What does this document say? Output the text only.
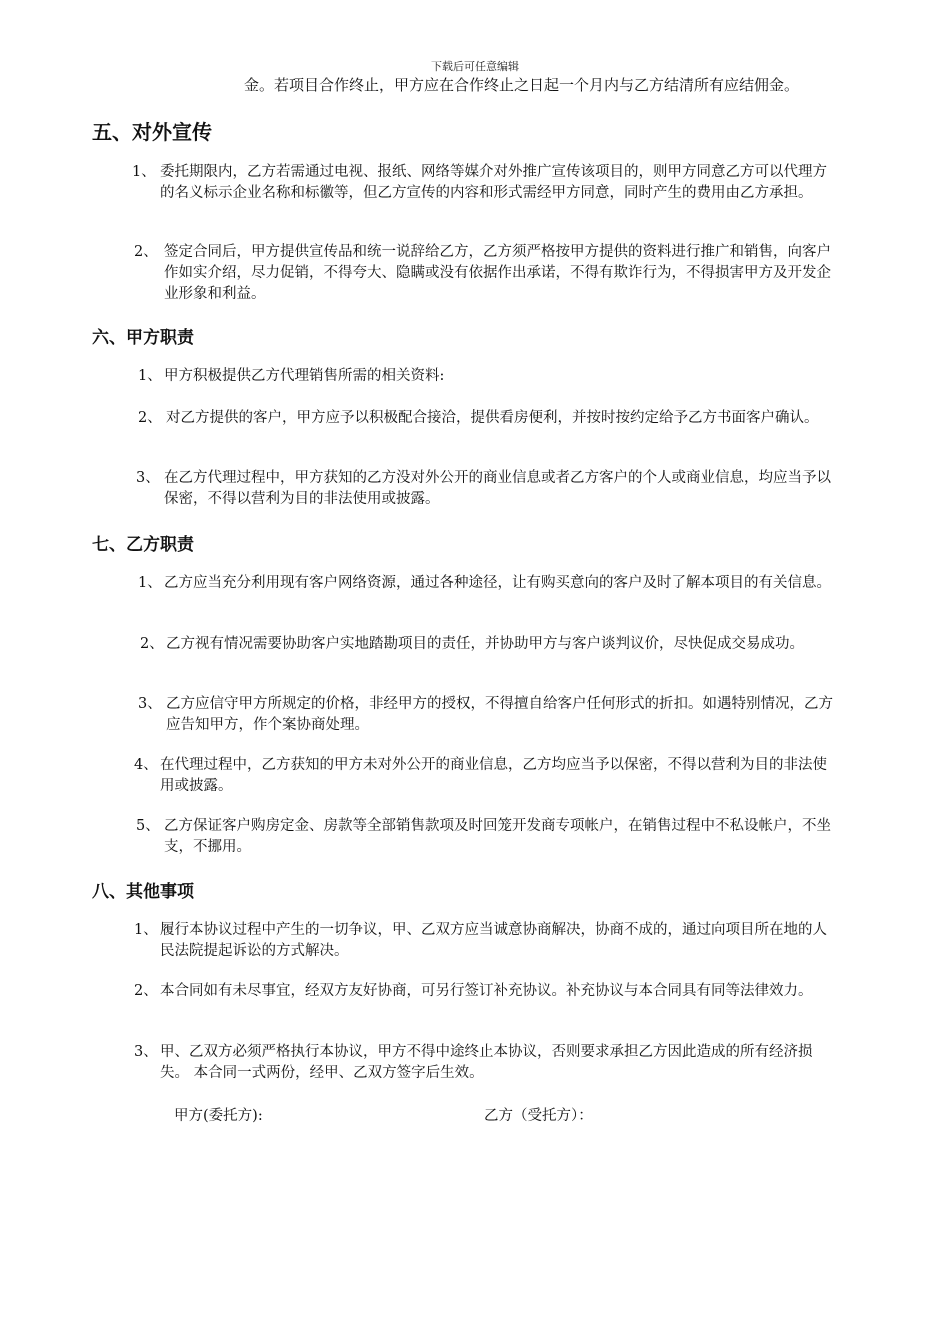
下载后可任意编辑
金。若项目合作终止，甲方应在合作终止之日起一个月内与乙方结清所有应结佣金。
五、对外宣传
1、 委托期限内，乙方若需通过电视、报纸、网络等媒介对外推广宣传该项目的，则甲方同意乙方可以代理方的名义标示企业名称和标徽等，但乙方宣传的内容和形式需经甲方同意，同时产生的费用由乙方承担。
2、 签定合同后，甲方提供宣传品和统一说辞给乙方，乙方须严格按甲方提供的资料进行推广和销售，向客户作如实介绍，尽力促销，不得夸大、隐瞒或没有依据作出承诺，不得有欺诈行为，不得损害甲方及开发企业形象和利益。
六、甲方职责
1、 甲方积极提供乙方代理销售所需的相关资料:
2、 对乙方提供的客户，甲方应予以积极配合接洽，提供看房便利，并按时按约定给予乙方书面客户确认。
3、 在乙方代理过程中，甲方获知的乙方没对外公开的商业信息或者乙方客户的个人或商业信息，均应当予以保密，不得以营利为目的非法使用或披露。
七、乙方职责
1、 乙方应当充分利用现有客户网络资源，通过各种途径，让有购买意向的客户及时了解本项目的有关信息。
2、 乙方视有情况需要协助客户实地踏勘项目的责任，并协助甲方与客户谈判议价，尽快促成交易成功。
3、 乙方应信守甲方所规定的价格，非经甲方的授权，不得擅自给客户任何形式的折扣。如遇特别情况，乙方应告知甲方，作个案协商处理。
4、 在代理过程中，乙方获知的甲方未对外公开的商业信息，乙方均应当予以保密，不得以营利为目的非法使用或披露。
5、 乙方保证客户购房定金、房款等全部销售款项及时回笼开发商专项帐户，在销售过程中不私设帐户，不坐支，不挪用。
八、其他事项
1、 履行本协议过程中产生的一切争议，甲、乙双方应当诚意协商解决，协商不成的，通过向项目所在地的人民法院提起诉讼的方式解决。
2、 本合同如有未尽事宜，经双方友好协商，可另行签订补充协议。补充协议与本合同具有同等法律效力。
3、 甲、乙双方必须严格执行本协议，甲方不得中途终止本协议，否则要求承担乙方因此造成的所有经济损失。 本合同一式两份，经甲、乙双方签字后生效。
甲方(委托方):	乙方（受托方）：
